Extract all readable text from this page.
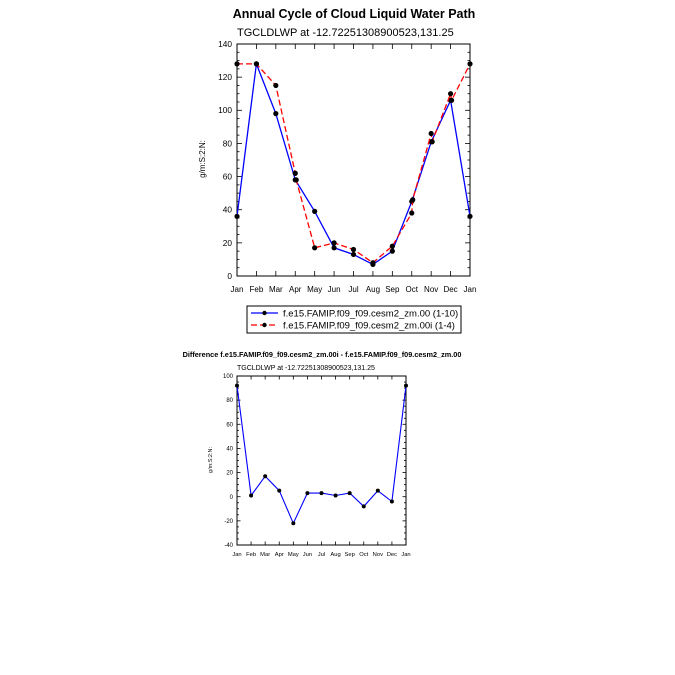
Annual Cycle of Cloud Liquid Water Path
TGCLDLWP at -12.72251308900523,131.25
g/m:S:2:N:
f.e15.FAMIP.f09_f09.cesm2_zm.00 (1-10)
f.e15.FAMIP.f09_f09.cesm2_zm.00i (1-4)
Difference f.e15.FAMIP.f09_f09.cesm2_zm.00i - f.e15.FAMIP.f09_f09.cesm2_zm.00
TGCLDLWP at -12.72251308900523,131.25
g/m:S:2:N:
0
20
40
60
80
100
120
140
Jan Feb Mar Apr May Jun Jul Aug Sep Oct Nov Dec Jan
-40
-20
0
20
40
60
80
100
Jan Feb Mar Apr May Jun Jul Aug Sep Oct Nov Dec Jan
